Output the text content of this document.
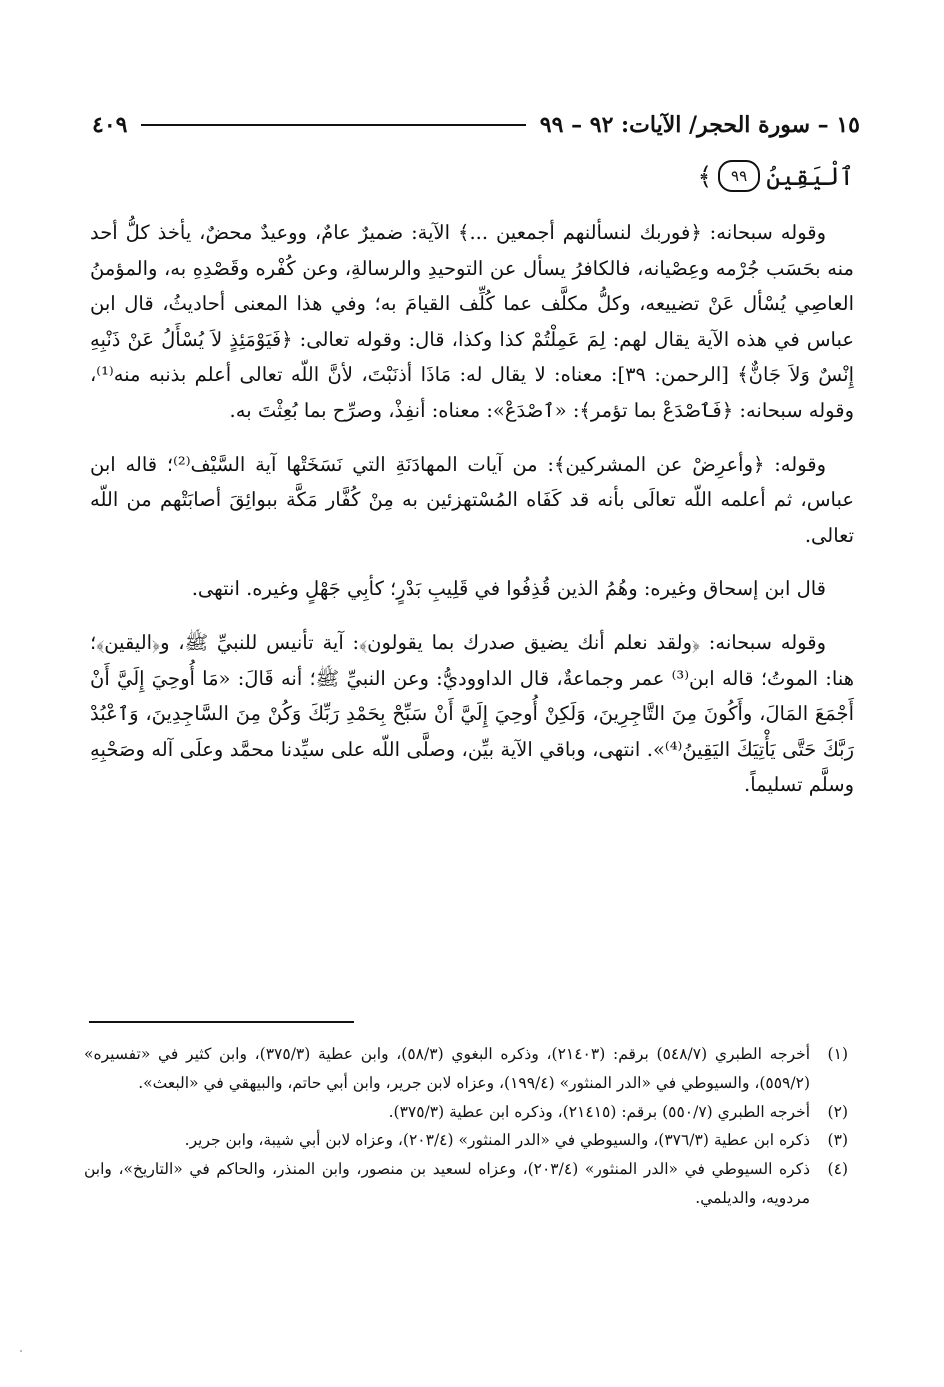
١٥ – سورة الحجر/ الآيات: ٩٢ – ٩٩
٤٠٩
ٱلْيَقِينُ
٩٩
﴾

وقوله سبحانه: ﴿فوربك لنسألنهم أجمعين ...﴾ الآية: ضميرٌ عامٌ، ووعيدٌ محضٌ، يأخذ كلُّ أحد منه بحَسَب جُرْمه وعِصْيانه، فالكافرُ يسأل عن التوحيدِ والرسالةِ، وعن كُفْره وقَصْدِهِ به، والمؤمنُ العاصِي يُسْأل عَنْ تضييعه، وكلُّ مكلَّف عما كُلِّف القيامَ به؛ وفي هذا المعنى أحاديثُ، قال ابن عباس في هذه الآية يقال لهم: لِمَ عَمِلْتُمْ كذا وكذا، قال: وقوله تعالى: ﴿فَيَوْمَئِذٍ لاَ يُسْأَلُ عَنْ ذَنْبِهِ إِنْسٌ وَلاَ جَانٌّ﴾ [الرحمن: ٣٩]: معناه: لا يقال له: مَاذَا أذنَبْتَ، لأنَّ اللّه تعالى أعلم بذنبه منه⁽¹⁾، وقوله سبحانه: ﴿فَٱصْدَعْ بما تؤمر﴾: «ٱصْدَعْ»: معناه: أنفِذْ، وصرِّح بما بُعِثْتَ به.

وقوله: ﴿وأعرِضْ عن المشركين﴾: من آيات المهادَنَةِ التي نَسَخَتْها آية السَّيْف⁽²⁾؛ قاله ابن عباس، ثم أعلمه اللّه تعالَى بأنه قد كَفَاه المُسْتهزئين به مِنْ كُفَّار مَكَّة ببوائِقَ أصابَتْهم من اللّه تعالى.

قال ابن إسحاق وغيره: وهُمُ الذين قُذِفُوا في قَلِيبِ بَدْرٍ؛ كأبِي جَهْلٍ وغيره. انتهى.

وقوله سبحانه: ﴿ولقد نعلم أنك يضيق صدرك بما يقولون﴾: آية تأنيس للنبيِّ ﷺ، و﴿اليقين﴾؛ هنا: الموتُ؛ قاله ابن⁽³⁾ عمر وجماعةٌ، قال الداووديُّ: وعن النبيِّ ﷺ؛ أنه قَالَ: «مَا أُوحِيَ إِلَيَّ أَنْ أَجْمَعَ المَالَ، وأَكُونَ مِنَ التَّاجِرِينَ، وَلَكِنْ أُوحِيَ إِلَيَّ أَنْ سَبِّحْ بِحَمْدِ رَبِّكَ وَكُنْ مِنَ السَّاجِدِينَ، وَٱعْبُدْ رَبَّكَ حَتَّى يَأْتِيَكَ اليَقِينُ⁽⁴⁾». انتهى، وباقي الآية بيِّن، وصلَّى اللّه على سيِّدنا محمَّد وعلَى آله وصَحْبِهِ وسلَّم تسليماً.

(١)
أخرجه الطبري (٥٤٨/٧) برقم: (٢١٤٠٣)، وذكره البغوي (٥٨/٣)، وابن عطية (٣٧٥/٣)، وابن كثير في «تفسيره» (٥٥٩/٢)، والسيوطي في «الدر المنثور» (١٩٩/٤)، وعزاه لابن جرير، وابن أبي حاتم، والبيهقي في «البعث».
(٢)
أخرجه الطبري (٥٥٠/٧) برقم: (٢١٤١٥)، وذكره ابن عطية (٣٧٥/٣).
(٣)
ذكره ابن عطية (٣٧٦/٣)، والسيوطي في «الدر المنثور» (٢٠٣/٤)، وعزاه لابن أبي شيبة، وابن جرير.
(٤)
ذكره السيوطي في «الدر المنثور» (٢٠٣/٤)، وعزاه لسعيد بن منصور، وابن المنذر، والحاكم في «التاريخ»، وابن مردويه، والديلمي.
